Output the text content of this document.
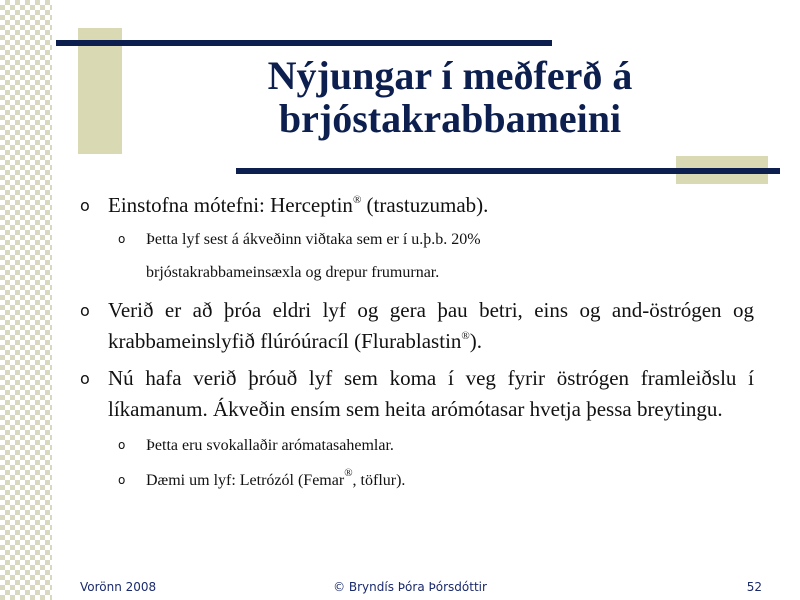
Nýjungar í meðferð á
brjóstakrabbameini
o Einstofna mótefni: Herceptin® (trastuzumab).
o Þetta lyf sest á ákveðinn viðtaka sem er í u.þ.b. 20%
brjóstakrabbameinsæxla og drepur frumurnar.
o Verið er að þróa eldri lyf og gera þau betri, eins og and-östrógen og krabbameinslyfið flúróúracíl (Flurablastin®).
o Nú hafa verið þróuð lyf sem koma í veg fyrir östrógen framleiðslu í líkamanum. Ákveðin ensím sem heita arómótasar hvetja þessa breytingu.
o Þetta eru svokallaðir arómatasahemlar.
o Dæmi um lyf: Letrózól (Femar®, töflur).
Vorönn 2008	© Bryndís Þóra Þórsdóttir	52
